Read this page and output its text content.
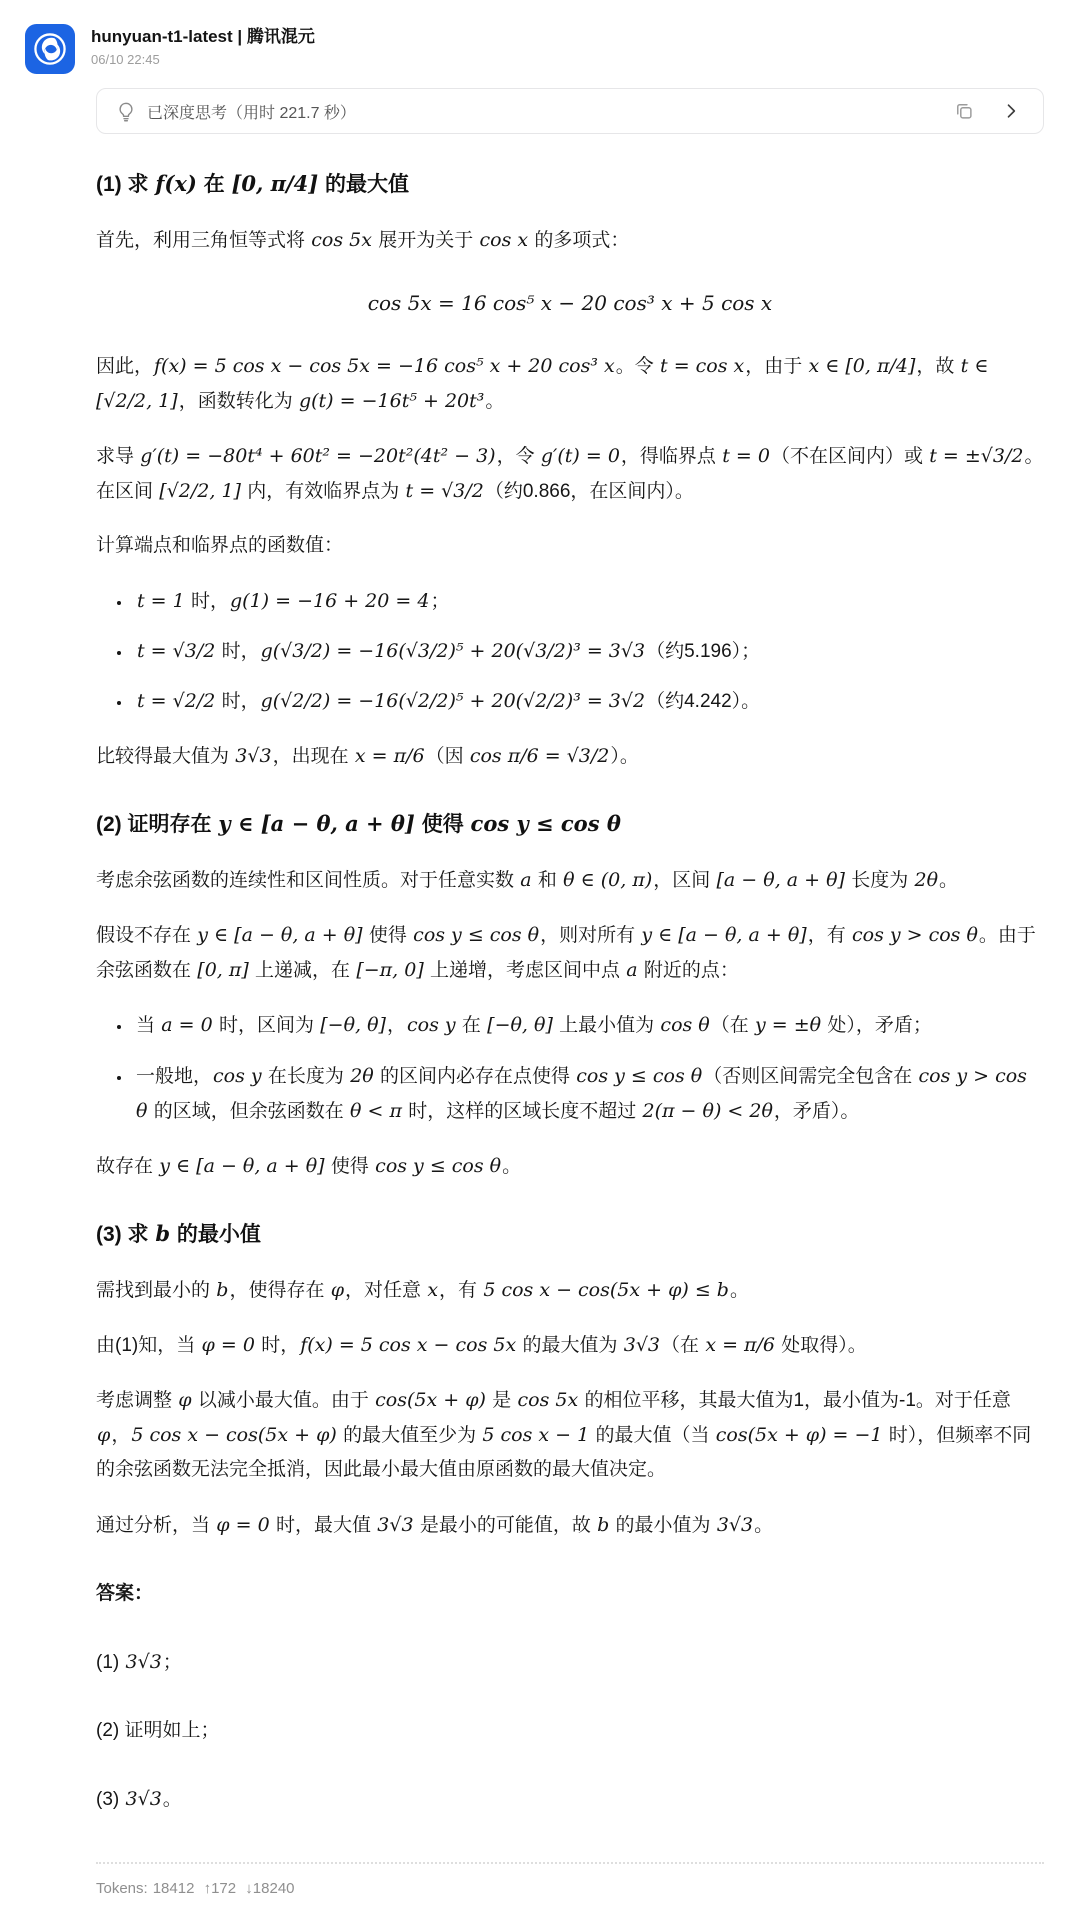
hunyuan-t1-latest | 腾讯混元
06/10 22:45
已深度思考（用时 221.7 秒）
(1) 求 f(x) 在 [0, π/4] 的最大值

首先，利用三角恒等式将 cos 5x 展开为关于 cos x 的多项式：

cos 5x = 16 cos⁵ x − 20 cos³ x + 5 cos x

因此，f(x) = 5 cos x − cos 5x = −16 cos⁵ x + 20 cos³ x。令 t = cos x，由于 x ∈ [0, π/4]，故 t ∈ [√2/2, 1]，函数转化为 g(t) = −16t⁵ + 20t³。

求导 g′(t) = −80t⁴ + 60t² = −20t²(4t² − 3)，令 g′(t) = 0，得临界点 t = 0（不在区间内）或 t = ±√3/2。在区间 [√2/2, 1] 内，有效临界点为 t = √3/2（约0.866，在区间内）。

计算端点和临界点的函数值：

• t = 1 时，g(1) = −16 + 20 = 4；
• t = √3/2 时，g(√3/2) = −16(√3/2)⁵ + 20(√3/2)³ = 3√3（约5.196）；
• t = √2/2 时，g(√2/2) = −16(√2/2)⁵ + 20(√2/2)³ = 3√2（约4.242）。

比较得最大值为 3√3，出现在 x = π/6（因 cos π/6 = √3/2）。

(2) 证明存在 y ∈ [a − θ, a + θ] 使得 cos y ≤ cos θ

考虑余弦函数的连续性和区间性质。对于任意实数 a 和 θ ∈ (0, π)，区间 [a − θ, a + θ] 长度为 2θ。

假设不存在 y ∈ [a − θ, a + θ] 使得 cos y ≤ cos θ，则对所有 y ∈ [a − θ, a + θ]，有 cos y > cos θ。由于余弦函数在 [0, π] 上递减，在 [−π, 0] 上递增，考虑区间中点 a 附近的点：

• 当 a = 0 时，区间为 [−θ, θ]，cos y 在 [−θ, θ] 上最小值为 cos θ（在 y = ±θ 处），矛盾；
• 一般地，cos y 在长度为 2θ 的区间内必存在点使得 cos y ≤ cos θ（否则区间需完全包含在 cos y > cos θ 的区域，但余弦函数在 θ < π 时，这样的区域长度不超过 2(π − θ) < 2θ，矛盾）。

故存在 y ∈ [a − θ, a + θ] 使得 cos y ≤ cos θ。

(3) 求 b 的最小值

需找到最小的 b，使得存在 φ，对任意 x，有 5 cos x − cos(5x + φ) ≤ b。

由(1)知，当 φ = 0 时，f(x) = 5 cos x − cos 5x 的最大值为 3√3（在 x = π/6 处取得）。

考虑调整 φ 以减小最大值。由于 cos(5x + φ) 是 cos 5x 的相位平移，其最大值为1，最小值为-1。对于任意 φ，5 cos x − cos(5x + φ) 的最大值至少为 5 cos x − 1 的最大值（当 cos(5x + φ) = −1 时），但频率不同的余弦函数无法完全抵消，因此最小最大值由原函数的最大值决定。

通过分析，当 φ = 0 时，最大值 3√3 是最小的可能值，故 b 的最小值为 3√3。

答案：

(1) 3√3；

(2) 证明如上；

(3) 3√3。

Tokens: 18412 ↑172 ↓18240
